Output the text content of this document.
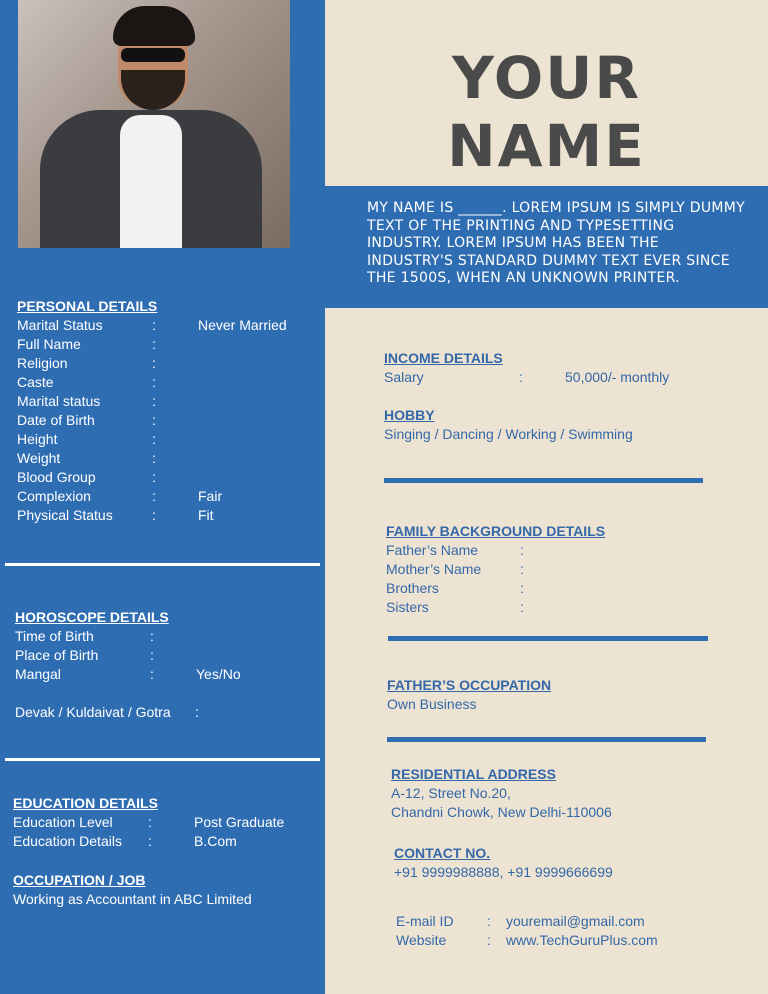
YOUR
NAME

MY NAME IS ______. LOREM IPSUM IS SIMPLY DUMMY TEXT OF THE PRINTING AND TYPESETTING INDUSTRY. LOREM IPSUM HAS BEEN THE INDUSTRY'S STANDARD DUMMY TEXT EVER SINCE THE 1500S, WHEN AN UNKNOWN PRINTER.

PERSONAL DETAILS
Marital Status	:	Never Married
Full Name	:
Religion	:
Caste	:
Marital status	:
Date of Birth	:
Height	:
Weight	:
Blood Group	:
Complexion	:	Fair
Physical Status	:	Fit
HOROSCOPE DETAILS
Time of Birth	:
Place of Birth	:
Mangal	:	Yes/No
Devak / Kuldaivat / Gotra :
EDUCATION DETAILS
Education Level	:	Post Graduate
Education Details :	B.Com
OCCUPATION / JOB
Working as Accountant in ABC Limited
INCOME DETAILS
Salary	:	50,000/- monthly
HOBBY
Singing / Dancing / Working / Swimming
FAMILY BACKGROUND DETAILS
Father’s Name	:
Mother’s Name	:
Brothers	:
Sisters	:
FATHER’S OCCUPATION
Own Business
RESIDENTIAL ADDRESS
A-12, Street No.20,
Chandni Chowk, New Delhi-110006
CONTACT NO.
+91 9999988888, +91 9999666699
E-mail ID : youremail@gmail.com
Website	: www.TechGuruPlus.com
